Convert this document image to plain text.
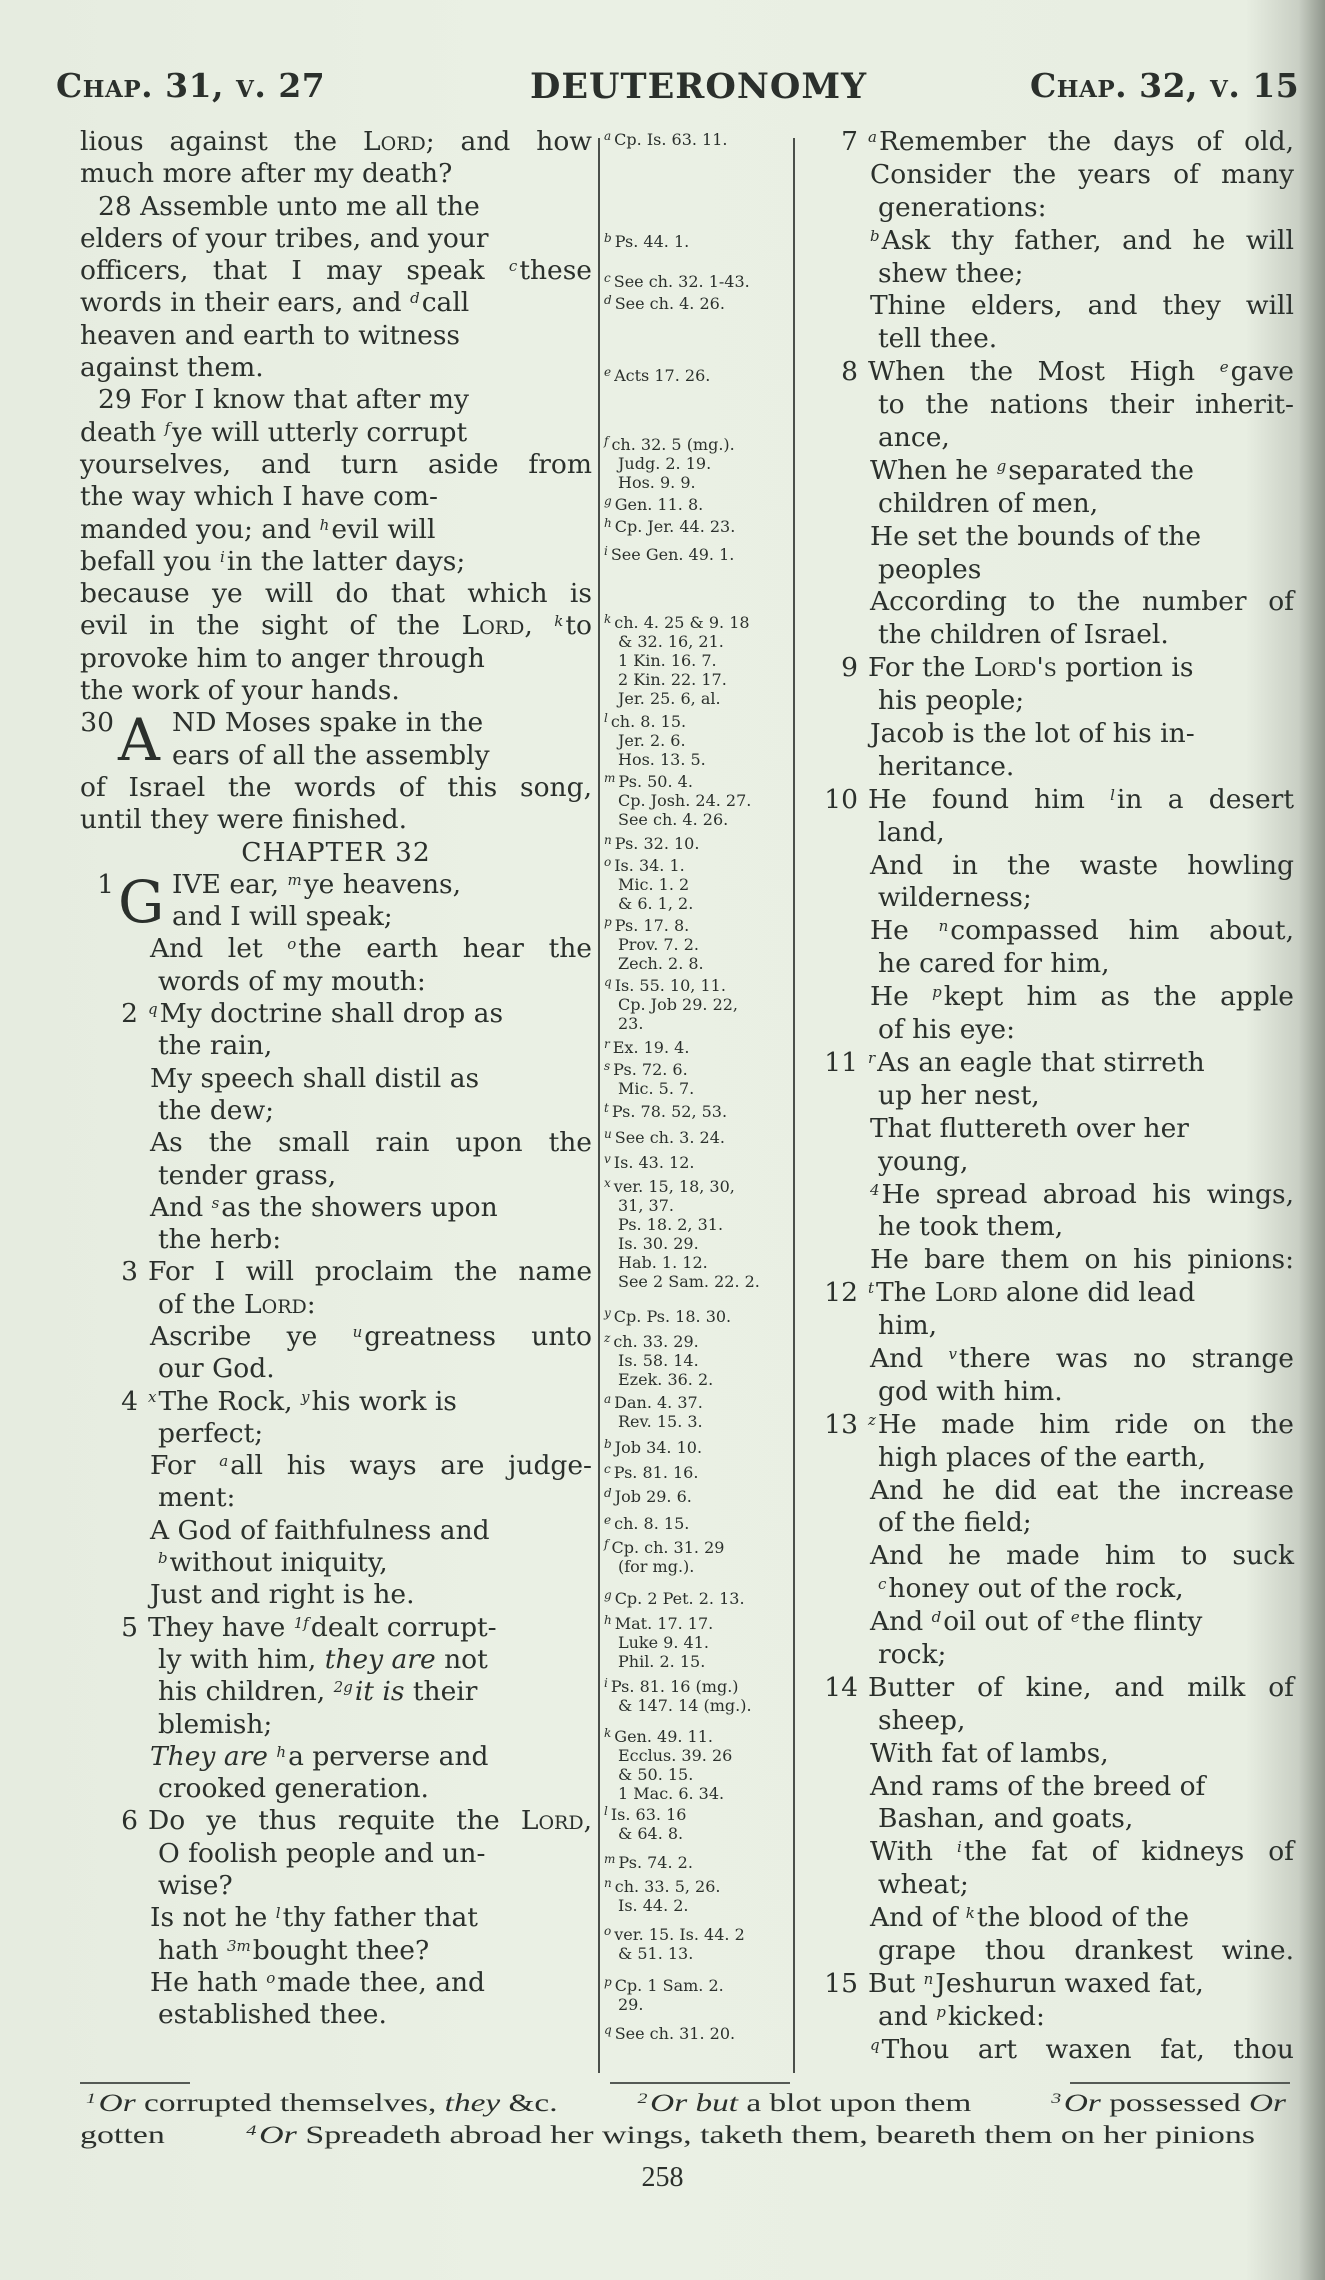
Chap. 31, v. 27	DEUTERONOMY	Chap. 32, v. 15
lious against the Lord; and how
much more after my death?
28 Assemble unto me all the
elders of your tribes, and your
officers, that I may speak $^c$these
words in their ears, and $^d$call
heaven and earth to witness
against them.
29 For I know that after my
death $^f$ye will utterly corrupt
yourselves, and turn aside from
the way which I have com-
manded you; and $^h$evil will
befall you $^i$in the latter days;
because ye will do that which is
evil in the sight of the Lord, $^k$to
provoke him to anger through
the work of your hands.
30 A ND Moses spake in the
ears of all the assembly
of Israel the words of this song,
until they were finished.
CHAPTER 32
1 G IVE ear, $^m$ye heavens,
and I will speak;
And let $^o$the earth hear the
words of my mouth:
2 $^q$My doctrine shall drop as
the rain,
My speech shall distil as
the dew;
As the small rain upon the
tender grass,
And $^s$as the showers upon
the herb:
3 For I will proclaim the name
of the Lord:
Ascribe ye $^u$greatness unto
our God.
4 $^x$The Rock, $^y$his work is
perfect;
For $^a$all his ways are judge-
ment:
A God of faithfulness and
$^b$without iniquity,
Just and right is he.
5 They have $^{1f}$dealt corrupt-
ly with him, they are not
his children, $^{2g}$it is their
blemish;
They are $^h$a perverse and
crooked generation.
6 Do ye thus requite the Lord,
O foolish people and un-
wise?
Is not he $^l$thy father that
hath $^{3m}$bought thee?
He hath $^o$made thee, and
established thee.
$^a$ Cp. Is. 63. 11.
$^b$ Ps. 44. 1.
$^c$ See ch. 32. 1-43.
$^d$ See ch. 4. 26.
$^e$ Acts 17. 26.
$^f$ ch. 32. 5 (mg.).
Judg. 2. 19.
Hos. 9. 9.
$^g$ Gen. 11. 8.
$^h$ Cp. Jer. 44. 23.
$^i$ See Gen. 49. 1.
$^k$ ch. 4. 25 & 9. 18
& 32. 16, 21.
1 Kin. 16. 7.
2 Kin. 22. 17.
Jer. 25. 6, al.
$^l$ ch. 8. 15.
Jer. 2. 6.
Hos. 13. 5.
$^m$ Ps. 50. 4.
Cp. Josh. 24. 27.
See ch. 4. 26.
$^n$ Ps. 32. 10.
$^o$ Is. 34. 1.
Mic. 1. 2
& 6. 1, 2.
$^p$ Ps. 17. 8.
Prov. 7. 2.
Zech. 2. 8.
$^q$ Is. 55. 10, 11.
Cp. Job 29. 22,
23.
$^r$ Ex. 19. 4.
$^s$ Ps. 72. 6.
Mic. 5. 7.
$^t$ Ps. 78. 52, 53.
$^u$ See ch. 3. 24.
$^v$ Is. 43. 12.
$^x$ ver. 15, 18, 30,
31, 37.
Ps. 18. 2, 31.
Is. 30. 29.
Hab. 1. 12.
See 2 Sam. 22. 2.
$^y$ Cp. Ps. 18. 30.
$^z$ ch. 33. 29.
Is. 58. 14.
Ezek. 36. 2.
$^a$ Dan. 4. 37.
Rev. 15. 3.
$^b$ Job 34. 10.
$^c$ Ps. 81. 16.
$^d$ Job 29. 6.
$^e$ ch. 8. 15.
$^f$ Cp. ch. 31. 29
(for mg.).
$^g$ Cp. 2 Pet. 2. 13.
$^h$ Mat. 17. 17.
Luke 9. 41.
Phil. 2. 15.
$^i$ Ps. 81. 16 (mg.)
& 147. 14 (mg.).
$^k$ Gen. 49. 11.
Ecclus. 39. 26
& 50. 15.
1 Mac. 6. 34.
$^l$ Is. 63. 16
& 64. 8.
$^m$ Ps. 74. 2.
$^n$ ch. 33. 5, 26.
Is. 44. 2.
$^o$ ver. 15. Is. 44. 2
& 51. 13.
$^p$ Cp. 1 Sam. 2.
29.
$^q$ See ch. 31. 20.
7 $^a$Remember the days of old,
Consider the years of many
generations:
$^b$Ask thy father, and he will
shew thee;
Thine elders, and they will
tell thee.
8 When the Most High $^e$gave
to the nations their inherit-
ance,
When he $^g$separated the
children of men,
He set the bounds of the
peoples
According to the number of
the children of Israel.
9 For the Lord's portion is
his people;
Jacob is the lot of his in-
heritance.
10 He found him $^l$in a desert
land,
And in the waste howling
wilderness;
He $^n$compassed him about,
he cared for him,
He $^p$kept him as the apple
of his eye:
11 $^r$As an eagle that stirreth
up her nest,
That fluttereth over her
young,
$^4$He spread abroad his wings,
he took them,
He bare them on his pinions:
12 $^t$The Lord alone did lead
him,
And $^v$there was no strange
god with him.
13 $^z$He made him ride on the
high places of the earth,
And he did eat the increase
of the field;
And he made him to suck
$^c$honey out of the rock,
And $^d$oil out of $^e$the flinty
rock;
14 Butter of kine, and milk of
sheep,
With fat of lambs,
And rams of the breed of
Bashan, and goats,
With $^i$the fat of kidneys of
wheat;
And of $^k$the blood of the
grape thou drankest wine.
15 But $^n$Jeshurun waxed fat,
and $^p$kicked:
$^q$Thou art waxen fat, thou
$^1$ Or corrupted themselves, they &c.	$^2$ Or but a blot upon them	$^3$ Or possessed Or
gotten	$^4$ Or Spreadeth abroad her wings, taketh them, beareth them on her pinions
258
